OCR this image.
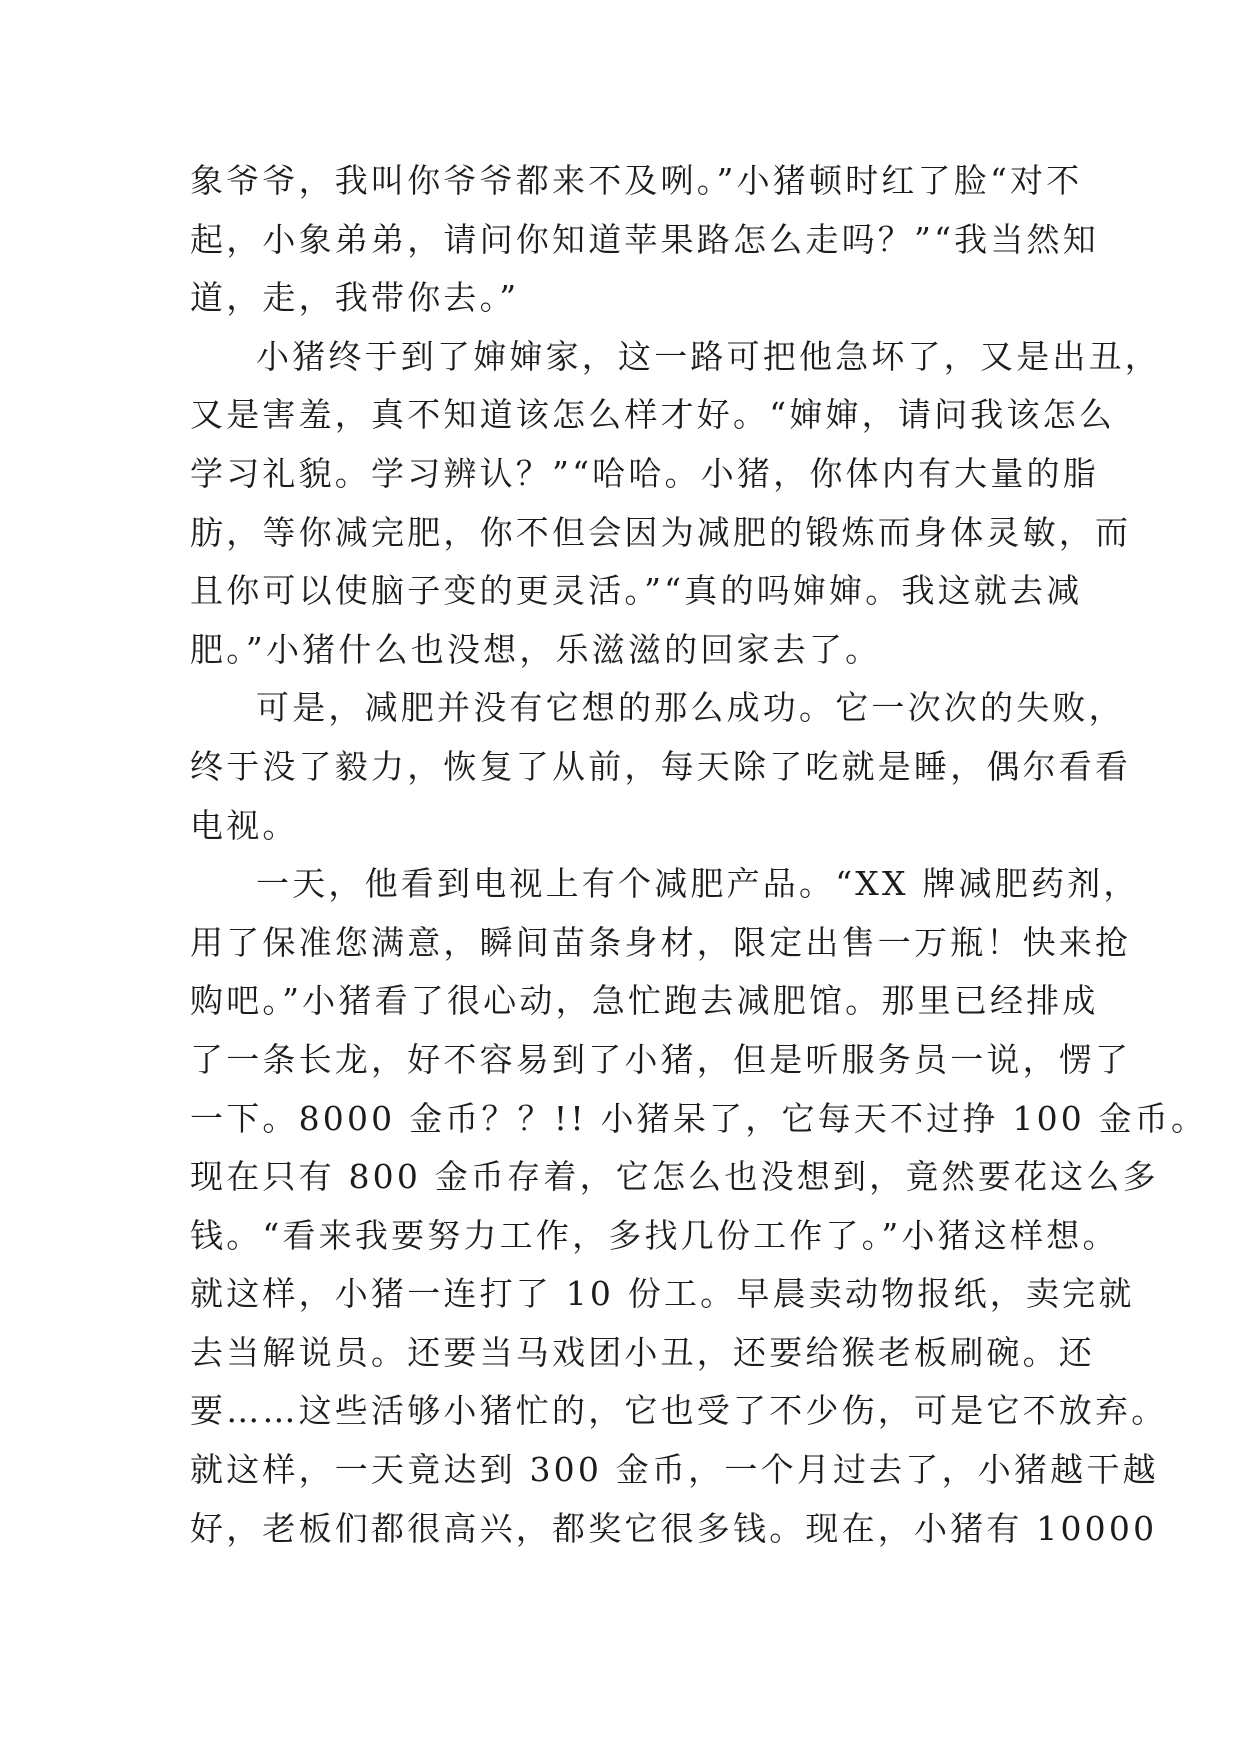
象爷爷，我叫你爷爷都来不及咧。”小猪顿时红了脸“对不
起，小象弟弟，请问你知道苹果路怎么走吗？”“我当然知
道，走，我带你去。”
小猪终于到了婶婶家，这一路可把他急坏了，又是出丑，
又是害羞，真不知道该怎么样才好。“婶婶，请问我该怎么
学习礼貌。学习辨认？”“哈哈。小猪，你体内有大量的脂
肪，等你减完肥，你不但会因为减肥的锻炼而身体灵敏，而
且你可以使脑子变的更灵活。”“真的吗婶婶。我这就去减
肥。”小猪什么也没想，乐滋滋的回家去了。
可是，减肥并没有它想的那么成功。它一次次的失败，
终于没了毅力，恢复了从前，每天除了吃就是睡，偶尔看看
电视。
一天，他看到电视上有个减肥产品。“XX 牌减肥药剂，
用了保准您满意，瞬间苗条身材，限定出售一万瓶！快来抢
购吧。”小猪看了很心动，急忙跑去减肥馆。那里已经排成
了一条长龙，好不容易到了小猪，但是听服务员一说，愣了
一下。8000 金币？？!! 小猪呆了，它每天不过挣 100 金币。
现在只有 800 金币存着，它怎么也没想到，竟然要花这么多
钱。“看来我要努力工作，多找几份工作了。”小猪这样想。
就这样，小猪一连打了 10 份工。早晨卖动物报纸，卖完就
去当解说员。还要当马戏团小丑，还要给猴老板刷碗。还
要……这些活够小猪忙的，它也受了不少伤，可是它不放弃。
就这样，一天竟达到 300 金币，一个月过去了，小猪越干越
好，老板们都很高兴，都奖它很多钱。现在，小猪有 10000
